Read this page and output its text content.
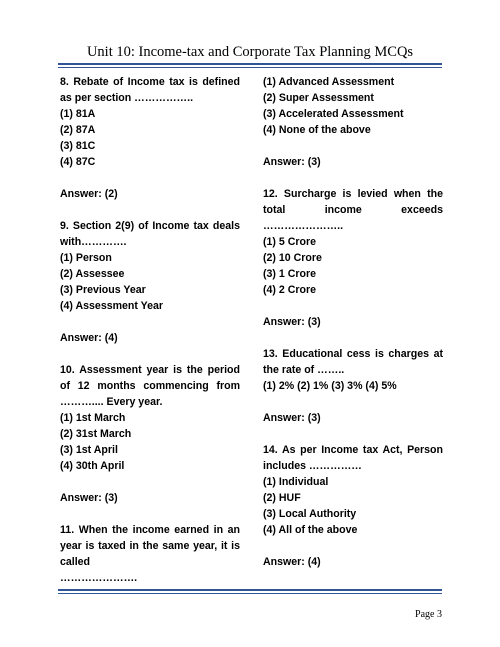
Unit 10: Income-tax and Corporate Tax Planning MCQs
8. Rebate of Income tax is defined as per section ……………..
(1) 81A
(2) 87A
(3) 81C
(4) 87C
Answer: (2)
9. Section 2(9) of Income tax deals with………….
(1) Person
(2) Assessee
(3) Previous Year
(4) Assessment Year
Answer: (4)
10. Assessment year is the period of 12 months commencing from ……….... Every year.
(1) 1st March
(2) 31st March
(3) 1st April
(4) 30th April
Answer: (3)
11. When the income earned in an year is taxed in the same year, it is called
………………….
(1) Advanced Assessment
(2) Super Assessment
(3) Accelerated Assessment
(4) None of the above
Answer: (3)
12. Surcharge is levied when the total income exceeds …………………..
(1) 5 Crore
(2) 10 Crore
(3) 1 Crore
(4) 2 Crore
Answer: (3)
13. Educational cess is charges at the rate of ……..
(1) 2% (2) 1% (3) 3% (4) 5%
Answer: (3)
14. As per Income tax Act, Person includes ……………
(1) Individual
(2) HUF
(3) Local Authority
(4) All of the above
Answer: (4)
Page 3
